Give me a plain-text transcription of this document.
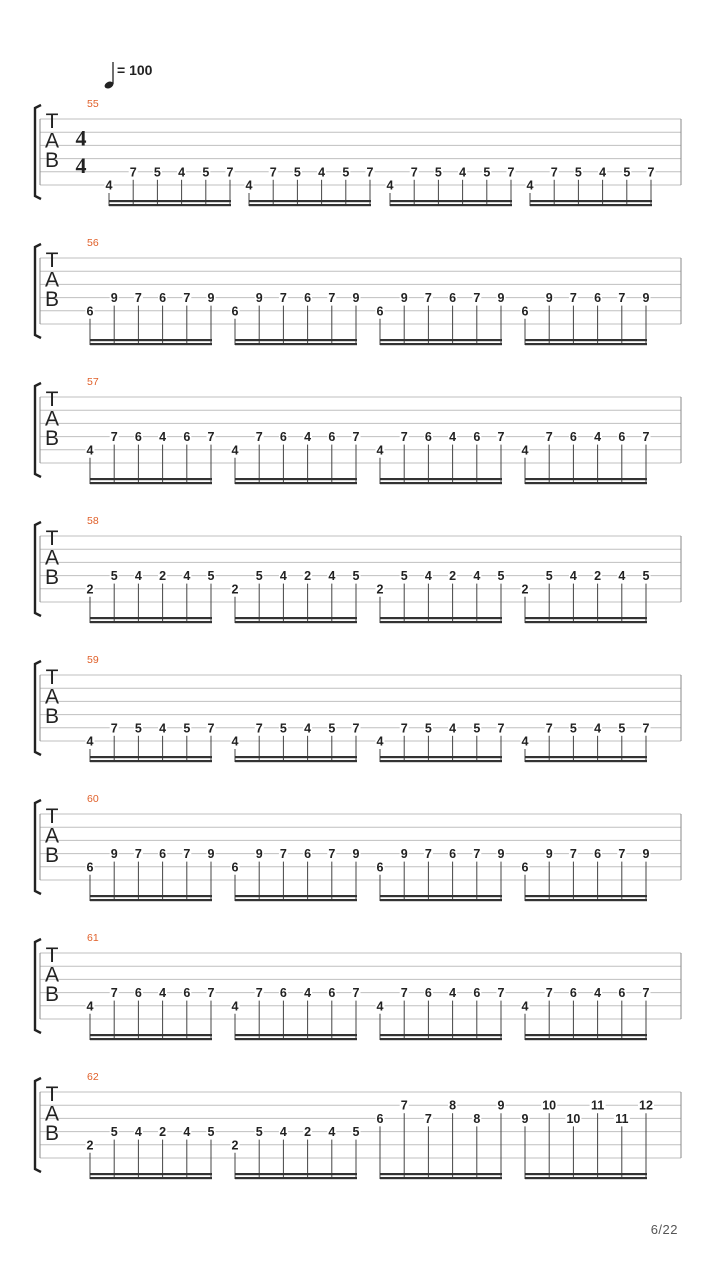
55
T
A
B
4
4
4
7 5 4 5 7
4
7 5 4 5 7
4
7 5 4 5 7
4
7 5 4 5 7
56
T
A
B
6
9 7 6 7 9
6
9 7 6 7 9
6
9 7 6 7 9
6
9 7 6 7 9
57
T
A
B
4
7 6 4 6 7
4
7 6 4 6 7
4
7 6 4 6 7
4
7 6 4 6 7
58
T
A
B
2
5 4 2 4 5
2
5 4 2 4 5
2
5 4 2 4 5
2
5 4 2 4 5
59
T
A
B
4
7 5 4 5 7
4
7 5 4 5 7
4
7 5 4 5 7
4
7 5 4 5 7
60
T
A
B
6
9 7 6 7 9
6
9 7 6 7 9
6
9 7 6 7 9
6
9 7 6 7 9
61
T
A
B
4
7 6 4 6 7
4
7 6 4 6 7
4
7 6 4 6 7
4
7 6 4 6 7
62
T
A
B
2
5 4 2 4 5
2
5 4 2 4 5
6
7
7
8
8
9
9
10
10
11
11
12
= 100
6/22
